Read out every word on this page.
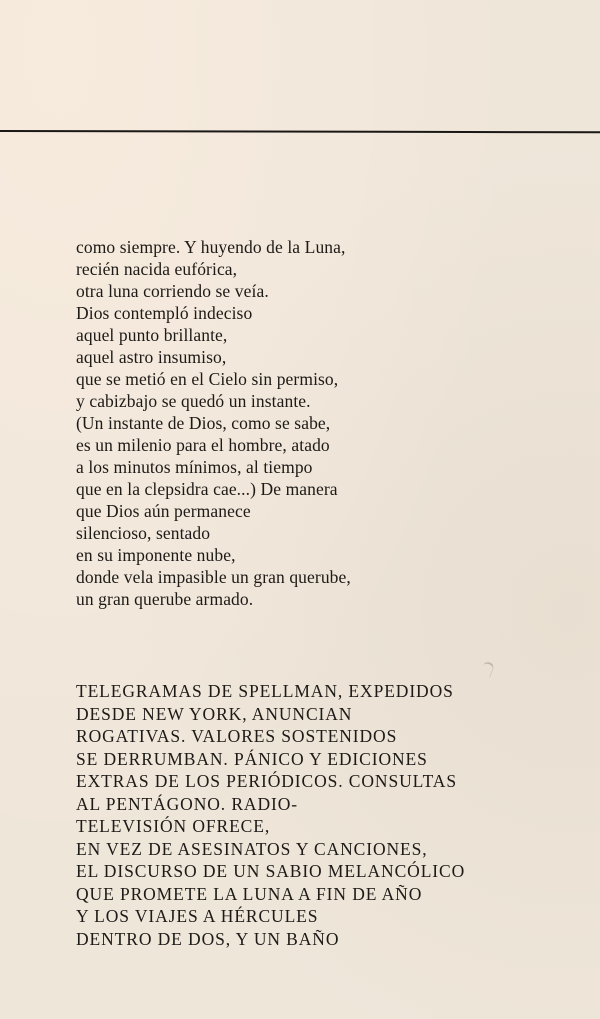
como siempre. Y huyendo de la Luna,
recién nacida eufórica,
otra luna corriendo se veía.
Dios contempló indeciso
aquel punto brillante,
aquel astro insumiso,
que se metió en el Cielo sin permiso,
y cabizbajo se quedó un instante.
(Un instante de Dios, como se sabe,
es un milenio para el hombre, atado
a los minutos mínimos, al tiempo
que en la clepsidra cae...) De manera
que Dios aún permanece
silencioso, sentado
en su imponente nube,
donde vela impasible un gran querube,
un gran querube armado.
TELEGRAMAS DE SPELLMAN, EXPEDIDOS
DESDE NEW YORK, ANUNCIAN
ROGATIVAS. VALORES SOSTENIDOS
SE DERRUMBAN. PÁNICO Y EDICIONES
EXTRAS DE LOS PERIÓDICOS. CONSULTAS
AL PENTÁGONO. RADIO-
TELEVISIÓN OFRECE,
EN VEZ DE ASESINATOS Y CANCIONES,
EL DISCURSO DE UN SABIO MELANCÓLICO
QUE PROMETE LA LUNA A FIN DE AÑO
Y LOS VIAJES A HÉRCULES
DENTRO DE DOS, Y UN BAÑO
